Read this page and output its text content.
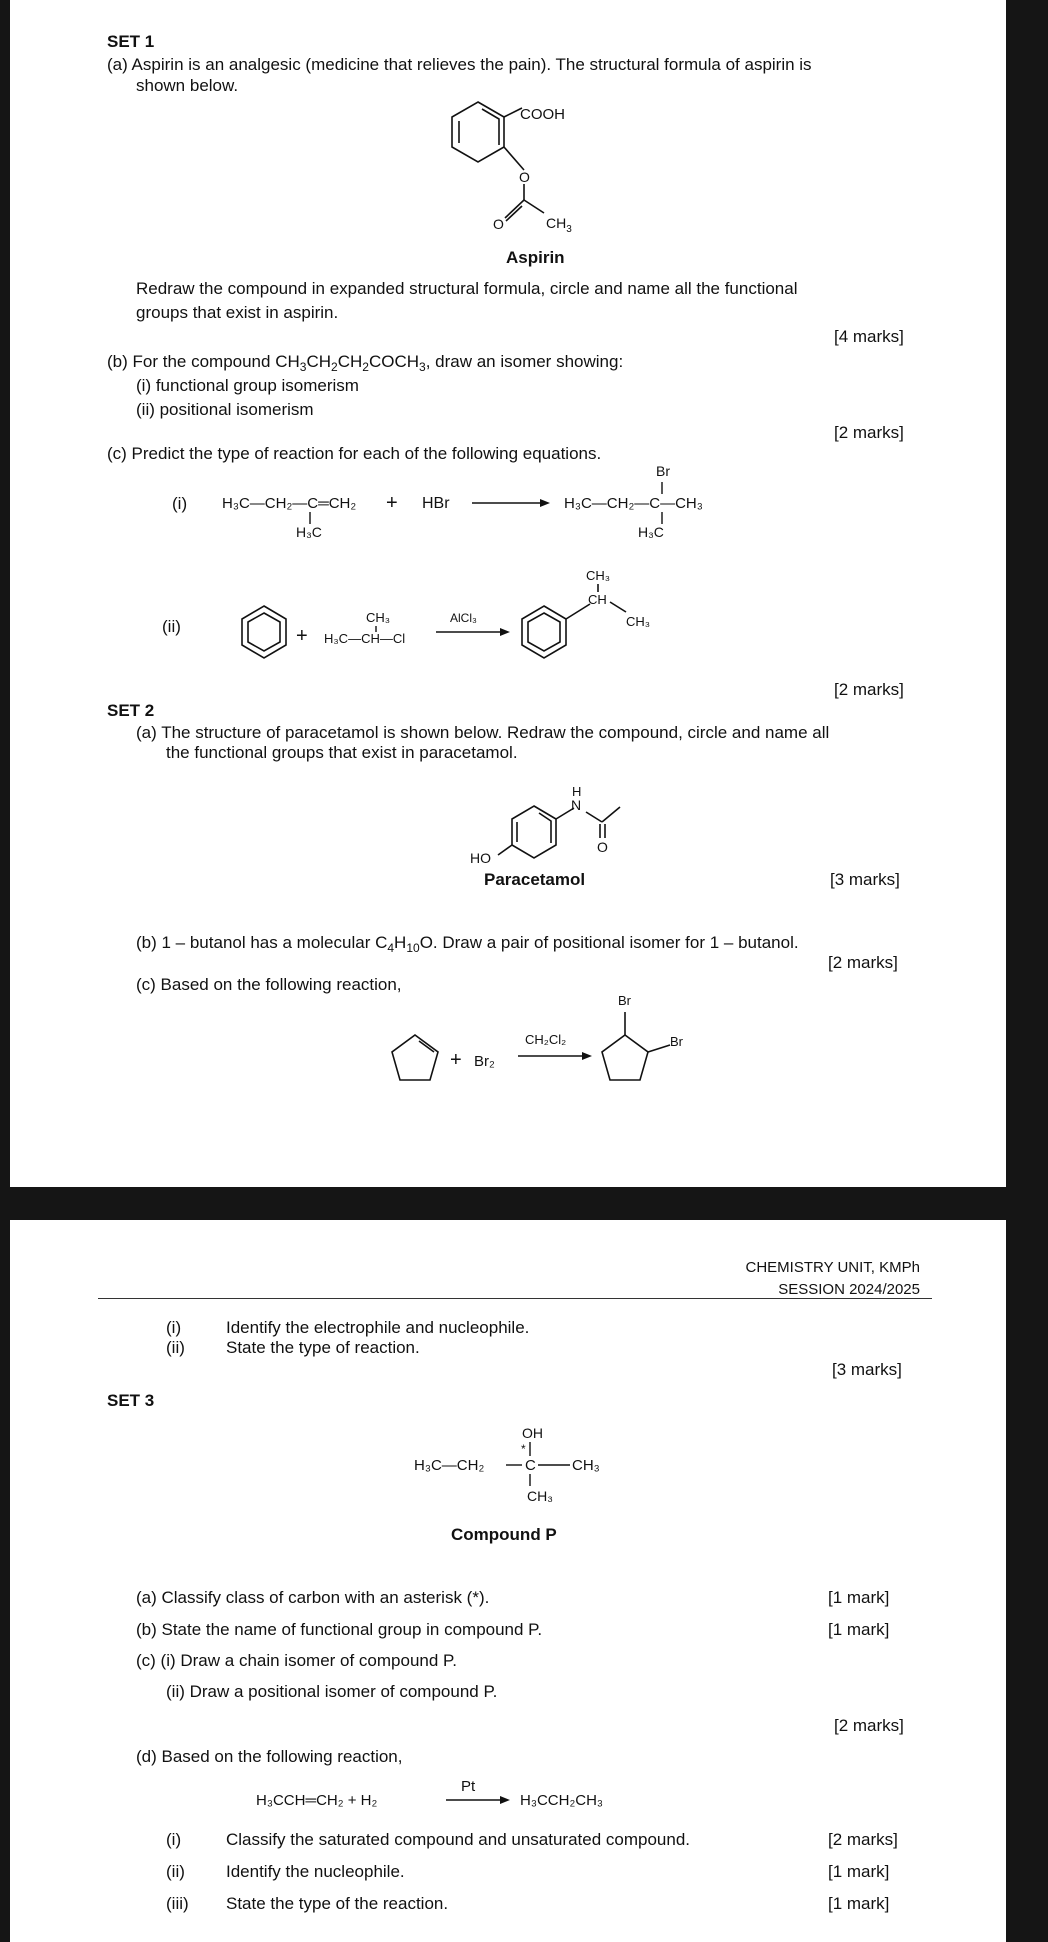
SET 1
(a) Aspirin is an analgesic (medicine that relieves the pain). The structural formula of aspirin is
shown below.
COOH
O
O	$CH_3$
Aspirin
Redraw the compound in expanded structural formula, circle and name all the functional
groups that exist in aspirin.
[4 marks]
(b) For the compound $CH_3CH_2CH_2COCH_3$, draw an isomer showing:
(i) functional group isomerism
(ii) positional isomerism
[2 marks]
(c) Predict the type of reaction for each of the following equations.
(i) H₃C—CH₂—C═CH₂
H₃C
+ HBr
Br
H₃C—CH₂—C—CH₃
H₃C
(ii)	+
CH₃
H₃C—CH—Cl
AlCl₃
CH₃
CH
CH₃
[2 marks]
SET 2
(a) The structure of paracetamol is shown below. Redraw the compound, circle and name all
the functional groups that exist in paracetamol.
H
N
O
HO
Paracetamol	[3 marks]
(b) 1 – butanol has a molecular $C_4H_{10}O$. Draw a pair of positional isomer for 1 – butanol.
[2 marks]
(c) Based on the following reaction,
+ Br₂
CH₂Cl₂
Br
Br
CHEMISTRY UNIT, KMPh
SESSION 2024/2025
(i)	Identify the electrophile and nucleophile.
(ii) State the type of reaction.
[3 marks]
SET 3
OH
*
H₃C—CH₂	C CH₃
CH₃
Compound P
(a) Classify class of carbon with an asterisk (*).	[1 mark]
(b) State the name of functional group in compound P.	[1 mark]
(c) (i) Draw a chain isomer of compound P.
(ii) Draw a positional isomer of compound P.
[2 marks]
(d) Based on the following reaction,
H₃CCH═CH₂ + H₂
Pt
H₃CCH₂CH₃
(i)	Classify the saturated compound and unsaturated compound.	[2 marks]
(ii) Identify the nucleophile.	[1 mark]
(iii) State the type of the reaction.	[1 mark]
